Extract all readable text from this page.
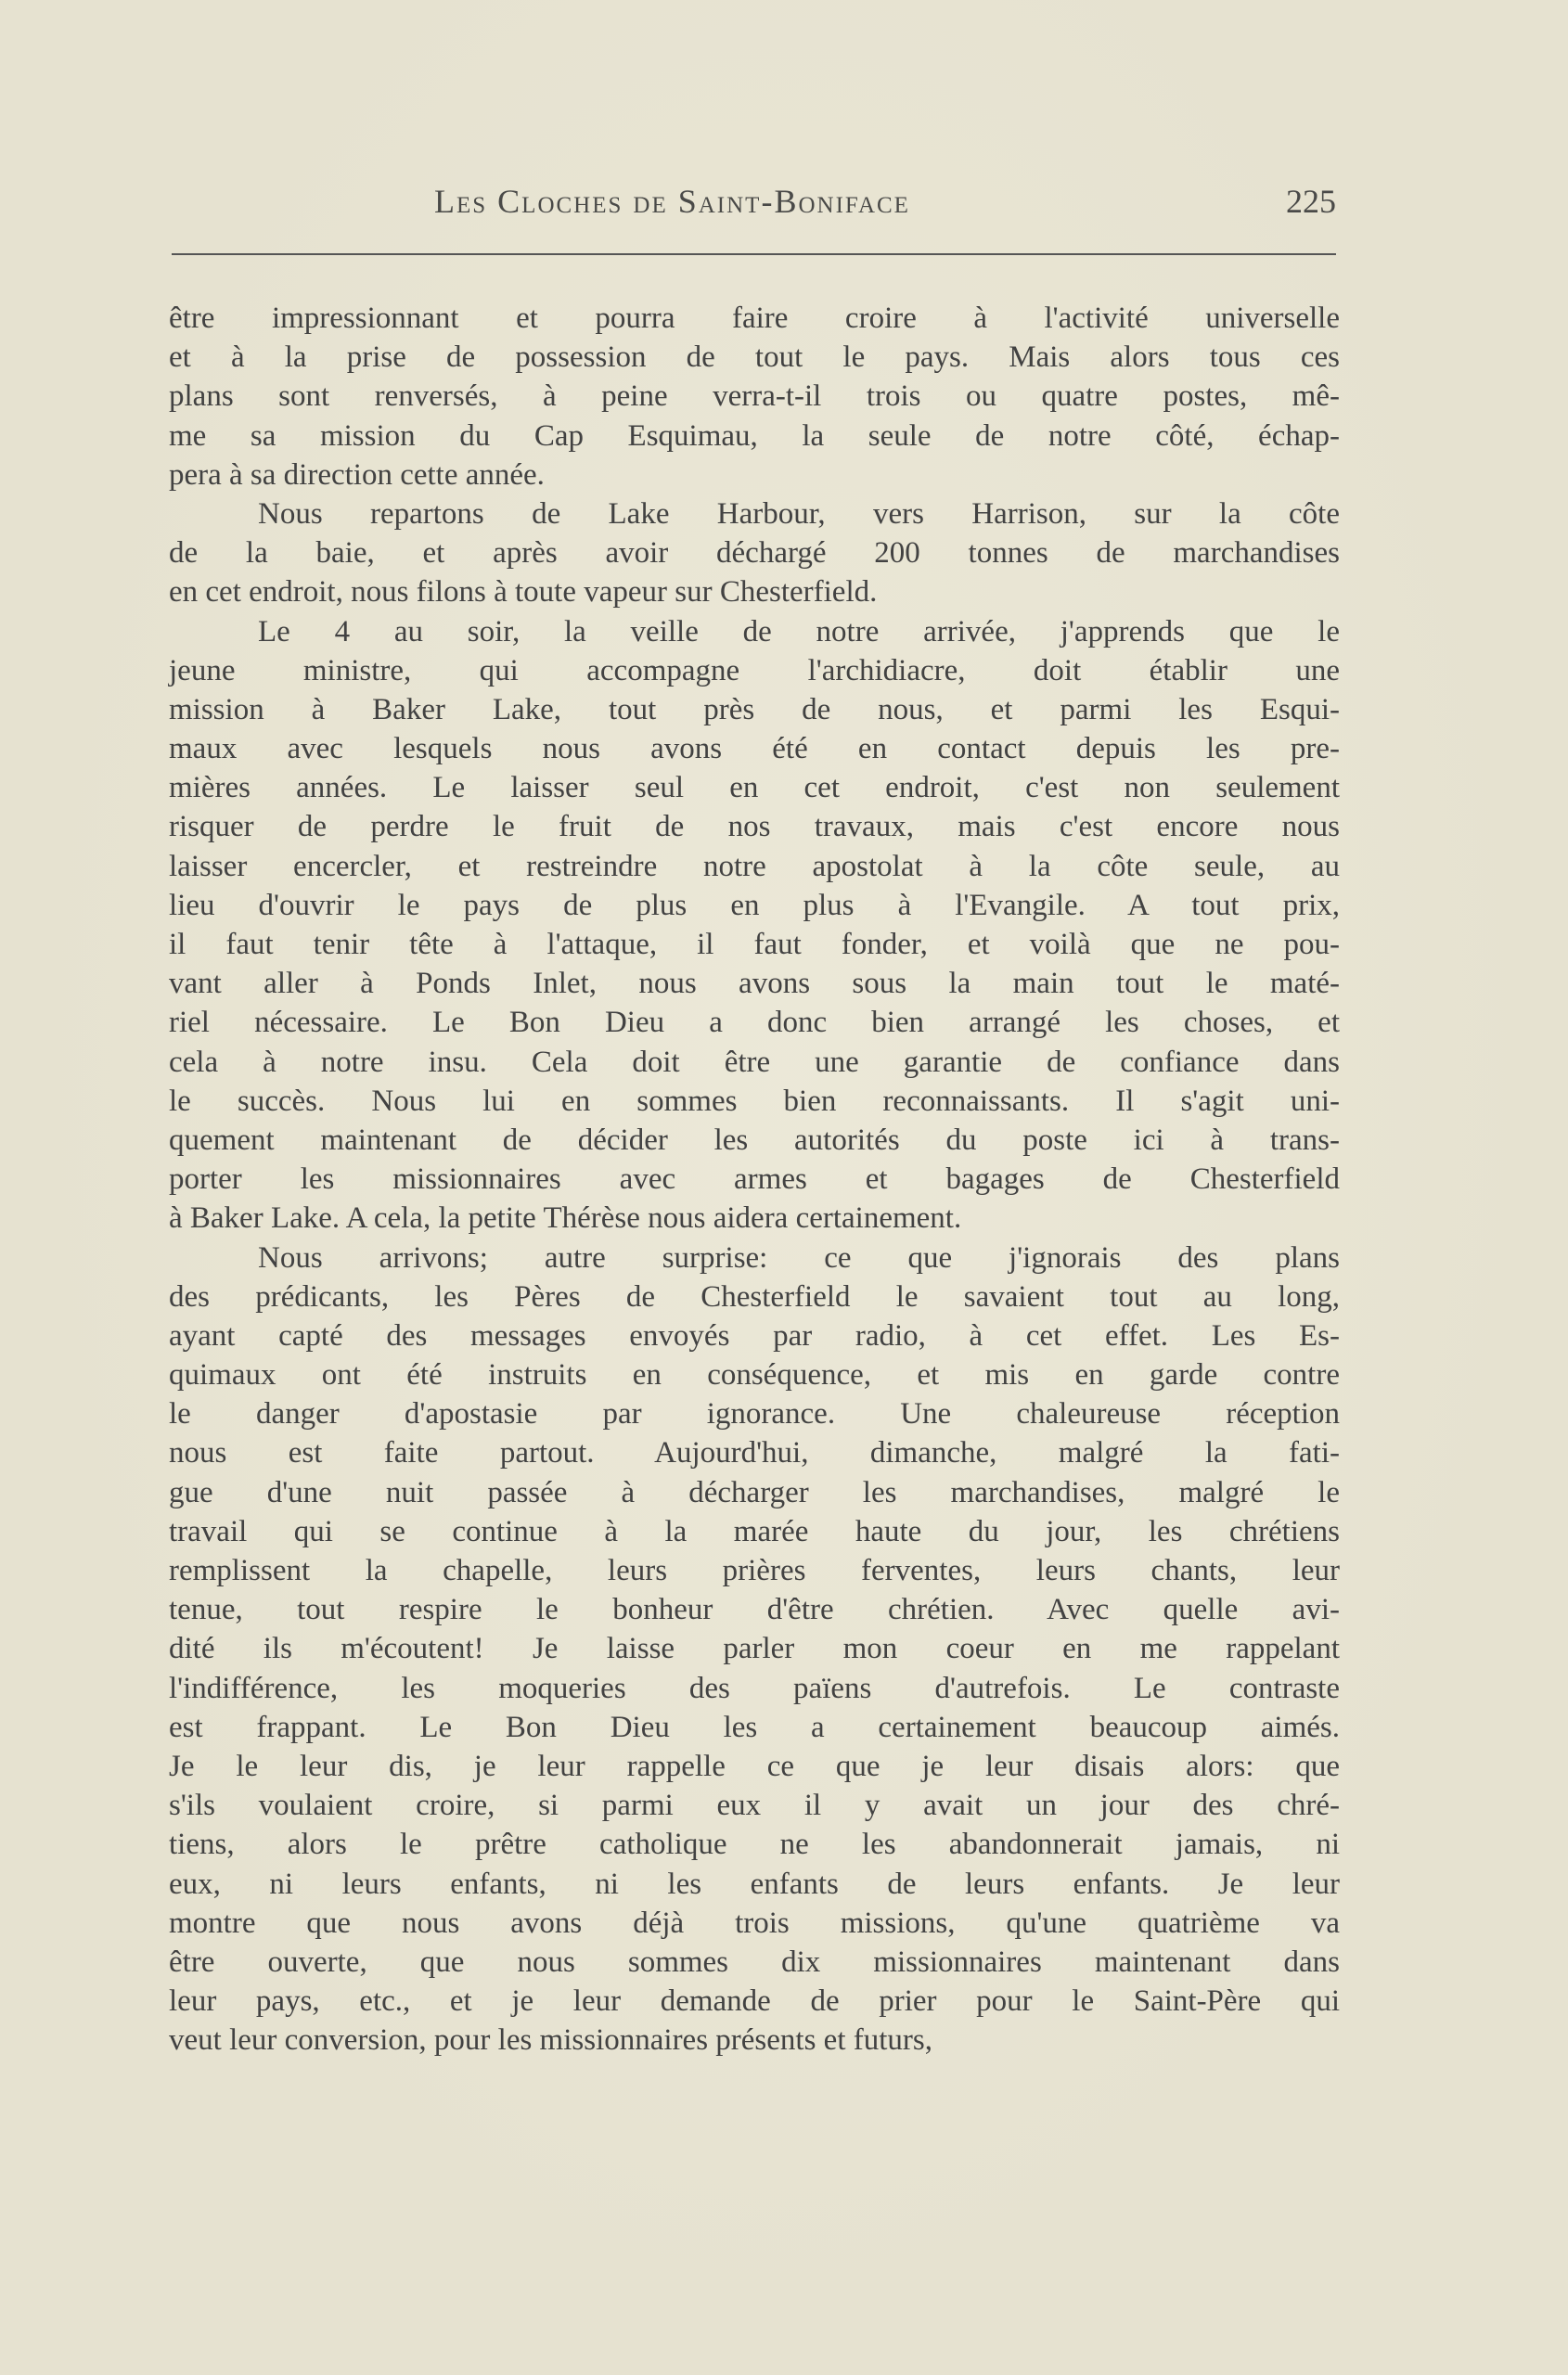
Les Cloches de Saint-Boniface	225
être impressionnant et pourra faire croire à l'activité universelle
et à la prise de possession de tout le pays. Mais alors tous ces
plans sont renversés, à peine verra-t-il trois ou quatre postes, mê-
me sa mission du Cap Esquimau, la seule de notre côté, échap-
pera à sa direction cette année.
Nous repartons de Lake Harbour, vers Harrison, sur la côte
de la baie, et après avoir déchargé 200 tonnes de marchandises
en cet endroit, nous filons à toute vapeur sur Chesterfield.
Le 4 au soir, la veille de notre arrivée, j'apprends que le
jeune ministre, qui accompagne l'archidiacre, doit établir une
mission à Baker Lake, tout près de nous, et parmi les Esqui-
maux avec lesquels nous avons été en contact depuis les pre-
mières années. Le laisser seul en cet endroit, c'est non seulement
risquer de perdre le fruit de nos travaux, mais c'est encore nous
laisser encercler, et restreindre notre apostolat à la côte seule, au
lieu d'ouvrir le pays de plus en plus à l'Evangile. A tout prix,
il faut tenir tête à l'attaque, il faut fonder, et voilà que ne pou-
vant aller à Ponds Inlet, nous avons sous la main tout le maté-
riel nécessaire. Le Bon Dieu a donc bien arrangé les choses, et
cela à notre insu. Cela doit être une garantie de confiance dans
le succès. Nous lui en sommes bien reconnaissants. Il s'agit uni-
quement maintenant de décider les autorités du poste ici à trans-
porter les missionnaires avec armes et bagages de Chesterfield
à Baker Lake. A cela, la petite Thérèse nous aidera certainement.
Nous arrivons; autre surprise: ce que j'ignorais des plans
des prédicants, les Pères de Chesterfield le savaient tout au long,
ayant capté des messages envoyés par radio, à cet effet. Les Es-
quimaux ont été instruits en conséquence, et mis en garde contre
le danger d'apostasie par ignorance. Une chaleureuse réception
nous est faite partout. Aujourd'hui, dimanche, malgré la fati-
gue d'une nuit passée à décharger les marchandises, malgré le
travail qui se continue à la marée haute du jour, les chrétiens
remplissent la chapelle, leurs prières ferventes, leurs chants, leur
tenue, tout respire le bonheur d'être chrétien. Avec quelle avi-
dité ils m'écoutent! Je laisse parler mon coeur en me rappelant
l'indifférence, les moqueries des païens d'autrefois. Le contraste
est frappant. Le Bon Dieu les a certainement beaucoup aimés.
Je le leur dis, je leur rappelle ce que je leur disais alors: que
s'ils voulaient croire, si parmi eux il y avait un jour des chré-
tiens, alors le prêtre catholique ne les abandonnerait jamais, ni
eux, ni leurs enfants, ni les enfants de leurs enfants. Je leur
montre que nous avons déjà trois missions, qu'une quatrième va
être ouverte, que nous sommes dix missionnaires maintenant dans
leur pays, etc., et je leur demande de prier pour le Saint-Père qui
veut leur conversion, pour les missionnaires présents et futurs,
